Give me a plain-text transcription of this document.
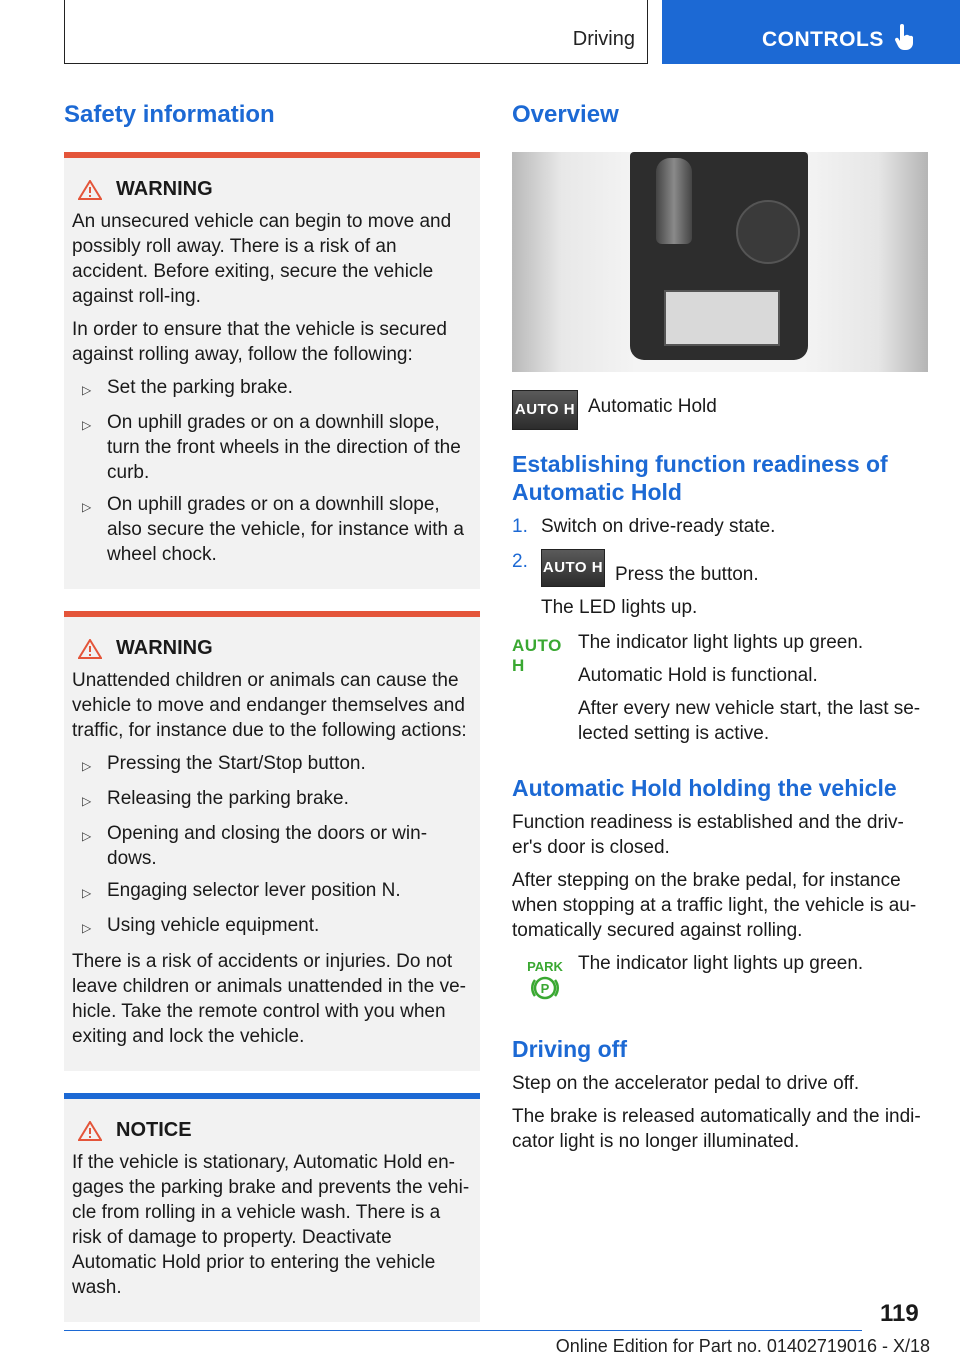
Driving	CONTROLS
Safety information
WARNING

An unsecured vehicle can begin to move and possibly roll away. There is a risk of an accident. Before exiting, secure the vehicle against roll-ing.

In order to ensure that the vehicle is secured against rolling away, follow the following:

▷ Set the parking brake.
▷ On uphill grades or on a downhill slope, turn the front wheels in the direction of the curb.
▷ On uphill grades or on a downhill slope, also secure the vehicle, for instance with a wheel chock.
WARNING

Unattended children or animals can cause the vehicle to move and endanger themselves and traffic, for instance due to the following actions:

▷ Pressing the Start/Stop button.
▷ Releasing the parking brake.
▷ Opening and closing the doors or win-dows.
▷ Engaging selector lever position N.
▷ Using vehicle equipment.

There is a risk of accidents or injuries. Do not leave children or animals unattended in the ve-hicle. Take the remote control with you when exiting and lock the vehicle.

NOTICE

If the vehicle is stationary, Automatic Hold en-gages the parking brake and prevents the vehi-cle from rolling in a vehicle wash. There is a risk of damage to property. Deactivate Automatic Hold prior to entering the vehicle wash.

Overview
AUTO H Automatic Hold
Establishing function readiness of Automatic Hold
1. Switch on drive-ready state.
2.	AUTO H Press the button.
The LED lights up.
AUTO H

The indicator light lights up green.

Automatic Hold is functional.

After every new vehicle start, the last se-lected setting is active.

Automatic Hold holding the vehicle

Function readiness is established and the driv-er's door is closed.

After stepping on the brake pedal, for instance when stopping at a traffic light, the vehicle is au-tomatically secured against rolling.

PARK
P

The indicator light lights up green.

Driving off

Step on the accelerator pedal to drive off.

The brake is released automatically and the indi-cator light is no longer illuminated.

119
Online Edition for Part no. 01402719016 - X/18
